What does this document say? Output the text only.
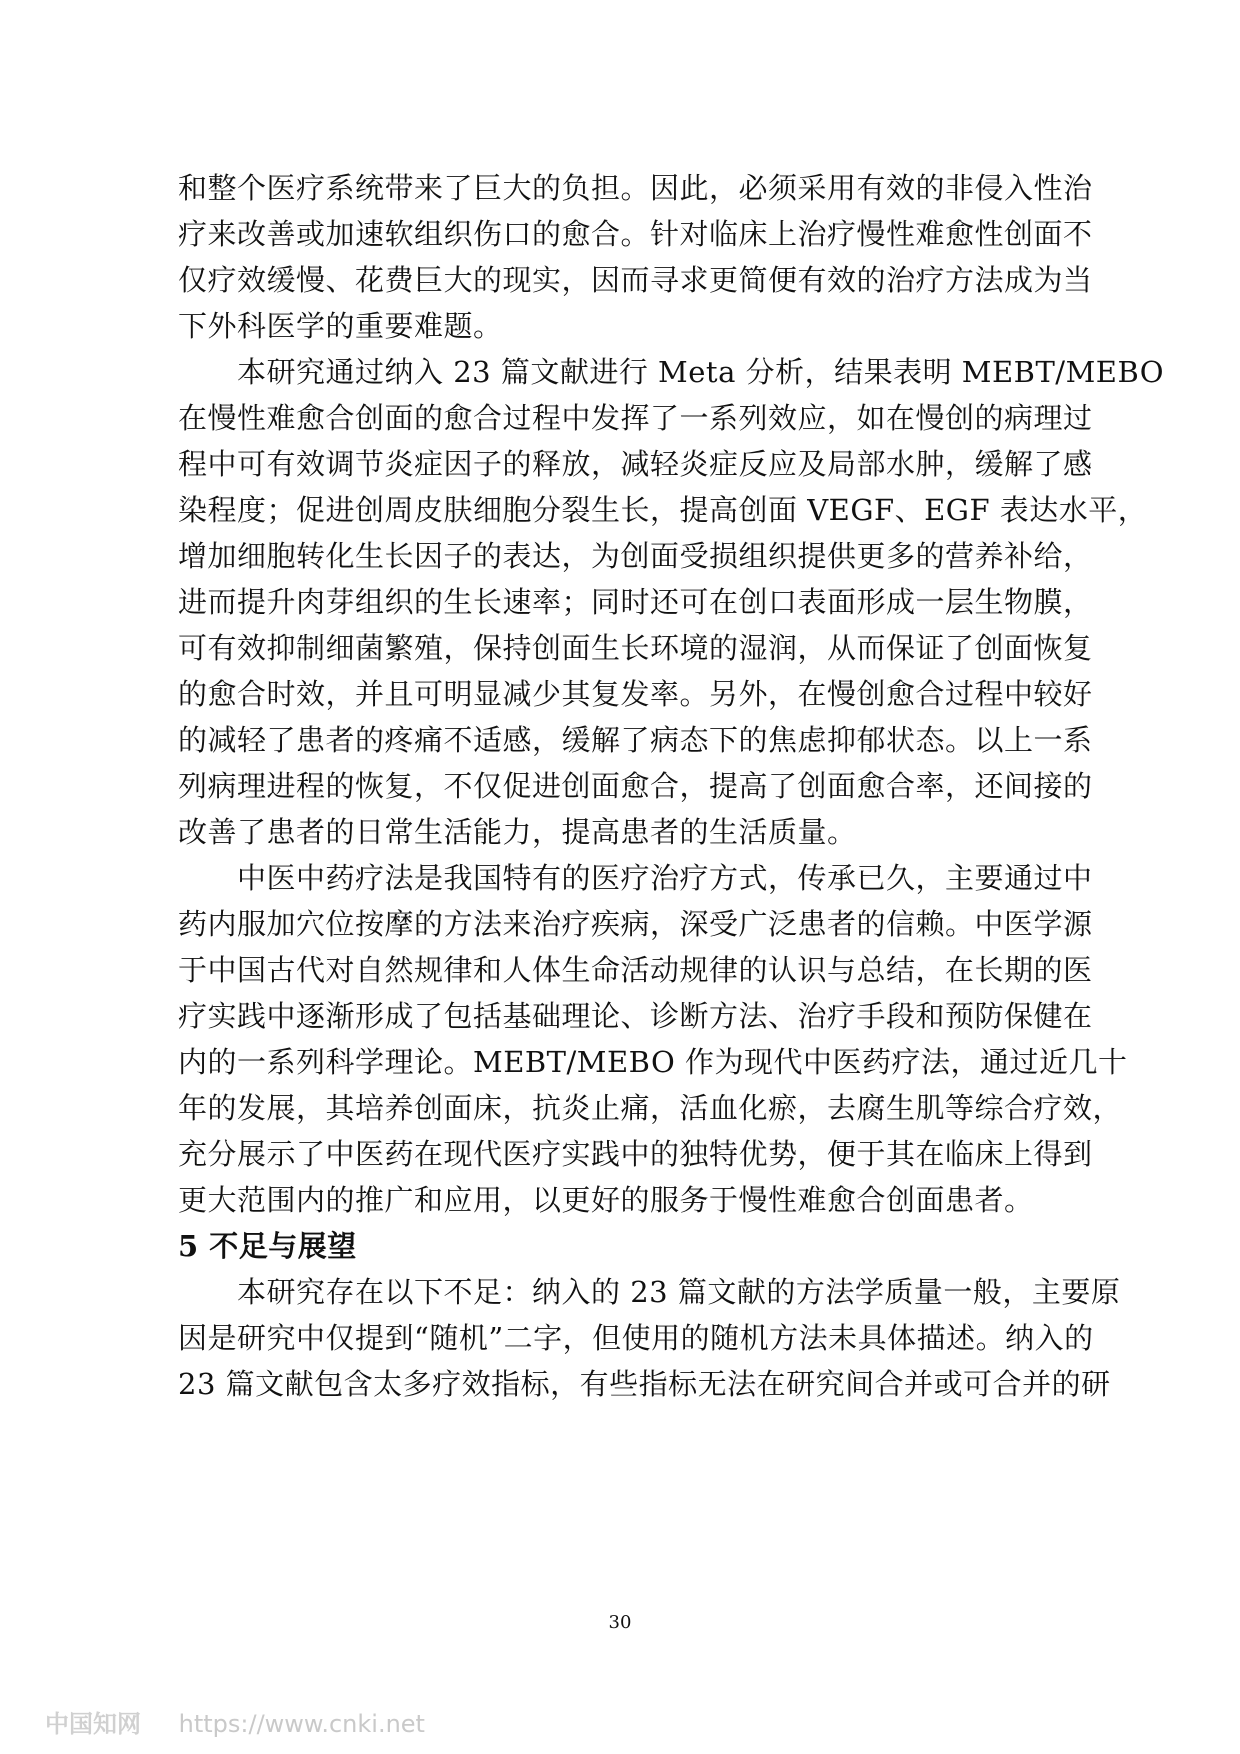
和整个医疗系统带来了巨大的负担。因此，必须采用有效的非侵入性治
疗来改善或加速软组织伤口的愈合。针对临床上治疗慢性难愈性创面不
仅疗效缓慢、花费巨大的现实，因而寻求更简便有效的治疗方法成为当
下外科医学的重要难题。
　　本研究通过纳入 23 篇文献进行 Meta 分析，结果表明 MEBT/MEBO
在慢性难愈合创面的愈合过程中发挥了一系列效应，如在慢创的病理过
程中可有效调节炎症因子的释放，减轻炎症反应及局部水肿，缓解了感
染程度；促进创周皮肤细胞分裂生长，提高创面 VEGF、EGF 表达水平，
增加细胞转化生长因子的表达，为创面受损组织提供更多的营养补给，
进而提升肉芽组织的生长速率；同时还可在创口表面形成一层生物膜，
可有效抑制细菌繁殖，保持创面生长环境的湿润，从而保证了创面恢复
的愈合时效，并且可明显减少其复发率。另外，在慢创愈合过程中较好
的减轻了患者的疼痛不适感，缓解了病态下的焦虑抑郁状态。以上一系
列病理进程的恢复，不仅促进创面愈合，提高了创面愈合率，还间接的
改善了患者的日常生活能力，提高患者的生活质量。
　　中医中药疗法是我国特有的医疗治疗方式，传承已久，主要通过中
药内服加穴位按摩的方法来治疗疾病，深受广泛患者的信赖。中医学源
于中国古代对自然规律和人体生命活动规律的认识与总结，在长期的医
疗实践中逐渐形成了包括基础理论、诊断方法、治疗手段和预防保健在
内的一系列科学理论。MEBT/MEBO 作为现代中医药疗法，通过近几十
年的发展，其培养创面床，抗炎止痛，活血化瘀，去腐生肌等综合疗效，
充分展示了中医药在现代医疗实践中的独特优势，便于其在临床上得到
更大范围内的推广和应用，以更好的服务于慢性难愈合创面患者。
5 不足与展望
　　本研究存在以下不足：纳入的 23 篇文献的方法学质量一般，主要原
因是研究中仅提到“随机”二字，但使用的随机方法未具体描述。纳入的
23 篇文献包含太多疗效指标，有些指标无法在研究间合并或可合并的研
30
中国知网 https://www.cnki.net
